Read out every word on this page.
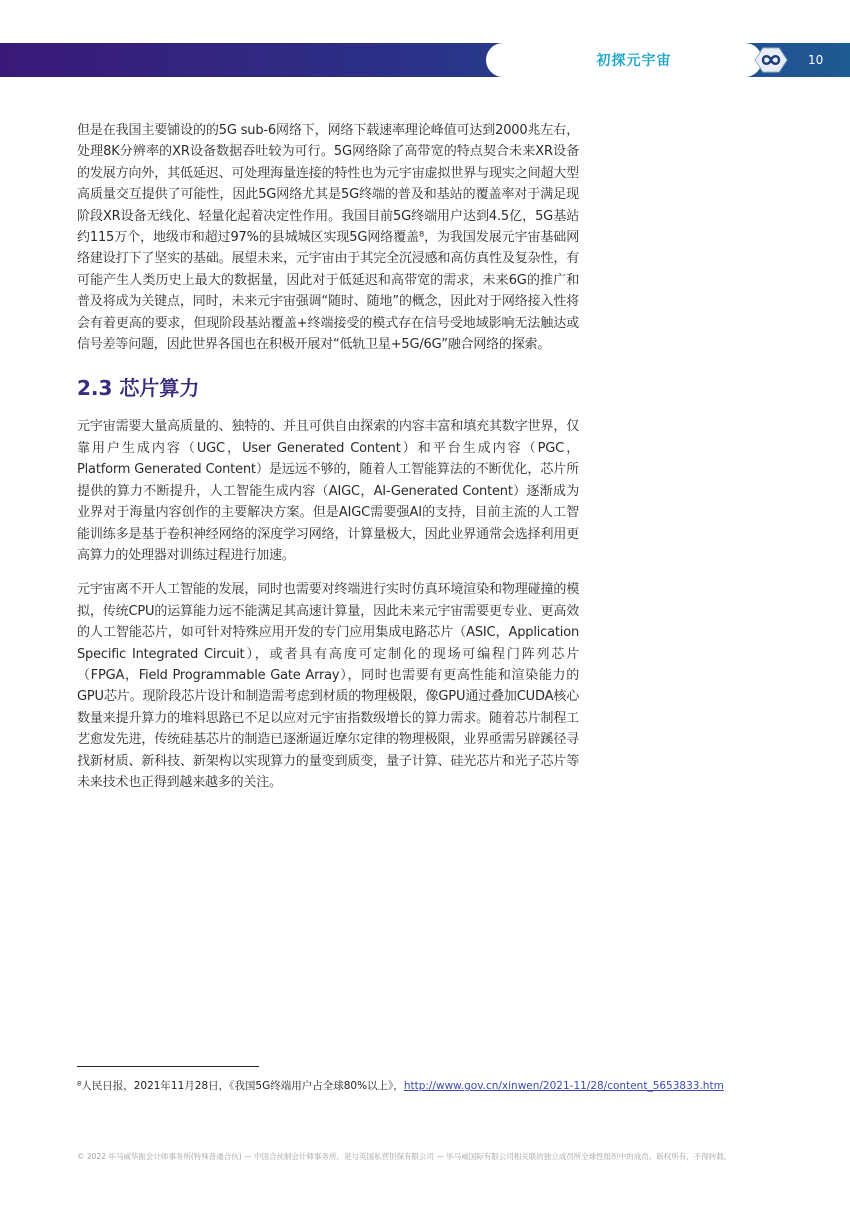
初探元宇宙	10

但是在我国主要铺设的的5G sub-6网络下，网络下载速率理论峰值可达到2000兆左右，处理8K分辨率的XR设备数据吞吐较为可行。5G网络除了高带宽的特点契合未来XR设备的发展方向外，其低延迟、可处理海量连接的特性也为元宇宙虚拟世界与现实之间超大型高质量交互提供了可能性，因此5G网络尤其是5G终端的普及和基站的覆盖率对于满足现阶段XR设备无线化、轻量化起着决定性作用。我国目前5G终端用户达到4.5亿，5G基站约115万个，地级市和超过97%的县城城区实现5G网络覆盖⁸，为我国发展元宇宙基础网络建设打下了坚实的基础。展望未来，元宇宙由于其完全沉浸感和高仿真性及复杂性，有可能产生人类历史上最大的数据量，因此对于低延迟和高带宽的需求，未来6G的推广和普及将成为关键点，同时，未来元宇宙强调“随时、随地”的概念，因此对于网络接入性将会有着更高的要求，但现阶段基站覆盖+终端接受的模式存在信号受地域影响无法触达或信号差等问题，因此世界各国也在积极开展对“低轨卫星+5G/6G”融合网络的探索。

2.3 芯片算力

元宇宙需要大量高质量的、独特的、并且可供自由探索的内容丰富和填充其数字世界，仅靠用户生成内容（UGC，User Generated Content）和平台生成内容（PGC，Platform Generated Content）是远远不够的，随着人工智能算法的不断优化，芯片所提供的算力不断提升，人工智能生成内容（AIGC，AI-Generated Content）逐渐成为业界对于海量内容创作的主要解决方案。但是AIGC需要强AI的支持，目前主流的人工智能训练多是基于卷积神经网络的深度学习网络，计算量极大，因此业界通常会选择利用更高算力的处理器对训练过程进行加速。

元宇宙离不开人工智能的发展，同时也需要对终端进行实时仿真环境渲染和物理碰撞的模拟，传统CPU的运算能力远不能满足其高速计算量，因此未来元宇宙需要更专业、更高效的人工智能芯片，如可针对特殊应用开发的专门应用集成电路芯片（ASIC，Application Specific Integrated Circuit），或者具有高度可定制化的现场可编程门阵列芯片（FPGA，Field Programmable Gate Array），同时也需要有更高性能和渲染能力的GPU芯片。现阶段芯片设计和制造需考虑到材质的物理极限，像GPU通过叠加CUDA核心数量来提升算力的堆料思路已不足以应对元宇宙指数级增长的算力需求。随着芯片制程工艺愈发先进，传统硅基芯片的制造已逐渐逼近摩尔定律的物理极限，业界亟需另辟蹊径寻找新材质、新科技、新架构以实现算力的量变到质变，量子计算、硅光芯片和光子芯片等未来技术也正得到越来越多的关注。

⁸人民日报，2021年11月28日，《我国5G终端用户占全球80%以上》，http://www.gov.cn/xinwen/2021-11/28/content_5653833.htm
© 2022 毕马威华振会计师事务所(特殊普通合伙) — 中国合伙制会计师事务所，是与英国私营担保有限公司 — 毕马威国际有限公司相关联的独立成员所全球性组织中的成员。版权所有，不得转载。
